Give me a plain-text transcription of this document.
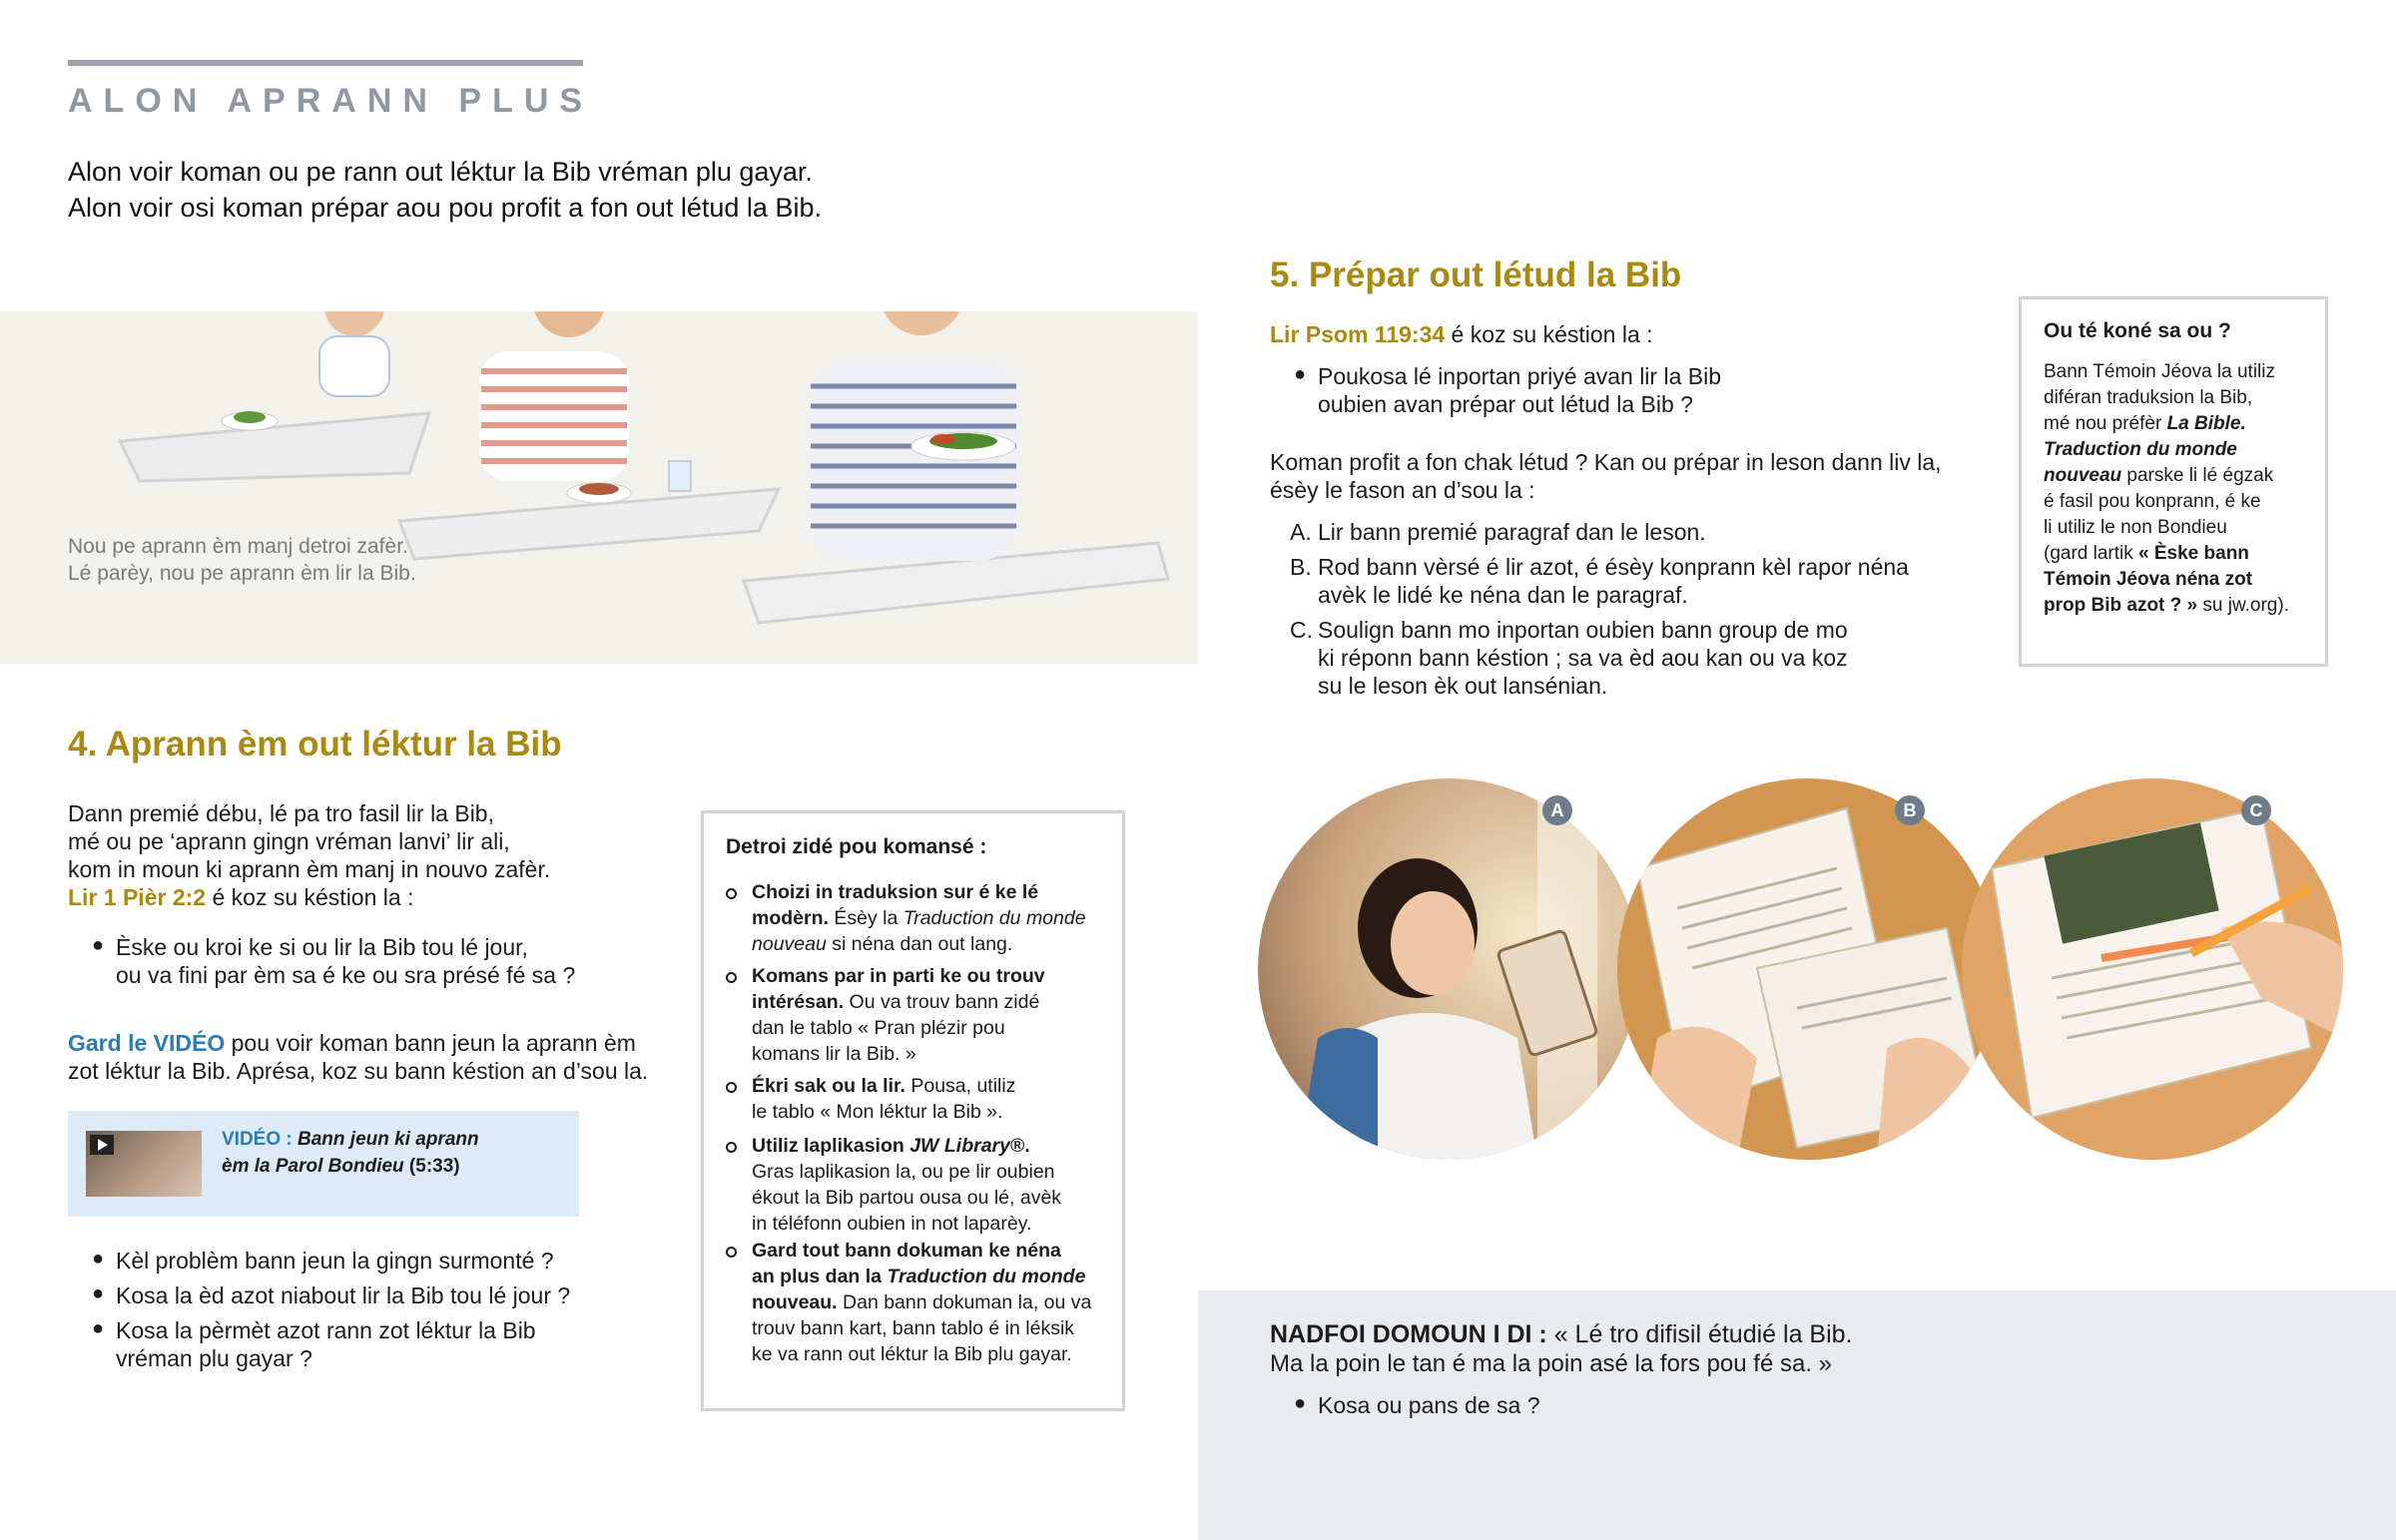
ALON APRANN PLUS
Alon voir koman ou pe rann out léktur la Bib vréman plu gayar.
Alon voir osi koman prépar aou pou profit a fon out létud la Bib.
Nou pe aprann èm manj detroi zafèr.
Lé parèy, nou pe aprann èm lir la Bib.
4. Aprann èm out léktur la Bib
Dann premié débu, lé pa tro fasil lir la Bib,
mé ou pe ‘aprann gingn vréman lanvi’ lir ali,
kom in moun ki aprann èm manj in nouvo zafèr.
Lir 1 Pièr 2:2 é koz su késtion la :
● Èske ou kroi ke si ou lir la Bib tou lé jour,
ou va fini par èm sa é ke ou sra présé fé sa ?
Gard le VIDÉO pou voir koman bann jeun la aprann èm
zot léktur la Bib. Aprésa, koz su bann késtion an d’sou la.
VIDÉO : Bann jeun ki aprann
èm la Parol Bondieu (5:33)
● Kèl problèm bann jeun la gingn surmonté ?
● Kosa la èd azot niabout lir la Bib tou lé jour ?
● Kosa la pèrmèt azot rann zot léktur la Bib
vréman plu gayar ?
Detroi zidé pou komansé :
Choizi in traduksion sur é ke lé
modèrn. Ésèy la Traduction du monde
nouveau si néna dan out lang.
Komans par in parti ke ou trouv
intérésan. Ou va trouv bann zidé
dan le tablo « Pran plézir pou
komans lir la Bib. »
Ékri sak ou la lir. Pousa, utiliz
le tablo « Mon léktur la Bib ».
Utiliz laplikasion JW Library®.
Gras laplikasion la, ou pe lir oubien
ékout la Bib partou ousa ou lé, avèk
in téléfonn oubien in not laparèy.
Gard tout bann dokuman ke néna
an plus dan la Traduction du monde
nouveau. Dan bann dokuman la, ou va
trouv bann kart, bann tablo é in léksik
ke va rann out léktur la Bib plu gayar.
5. Prépar out létud la Bib
Lir Psom 119:34 é koz su késtion la :
● Poukosa lé inportan priyé avan lir la Bib
oubien avan prépar out létud la Bib ?
Koman profit a fon chak létud ? Kan ou prépar in leson dann liv la,
ésèy le fason an d’sou la :
A. Lir bann premié paragraf dan le leson.
B. Rod bann vèrsé é lir azot, é ésèy konprann kèl rapor néna
avèk le lidé ke néna dan le paragraf.
C. Soulign bann mo inportan oubien bann group de mo
ki réponn bann késtion ; sa va èd aou kan ou va koz
su le leson èk out lansénian.
Ou té koné sa ou ?
Bann Témoin Jéova la utiliz
diféran traduksion la Bib,
mé nou préfèr La Bible.
Traduction du monde
nouveau parske li lé égzak
é fasil pou konprann, é ke
li utiliz le non Bondieu
(gard lartik « Èske bann
Témoin Jéova néna zot
prop Bib azot ? » su jw.org).
A	B	C
NADFOI DOMOUN I DI : « Lé tro difisil étudié la Bib.
Ma la poin le tan é ma la poin asé la fors pou fé sa. »
● Kosa ou pans de sa ?
